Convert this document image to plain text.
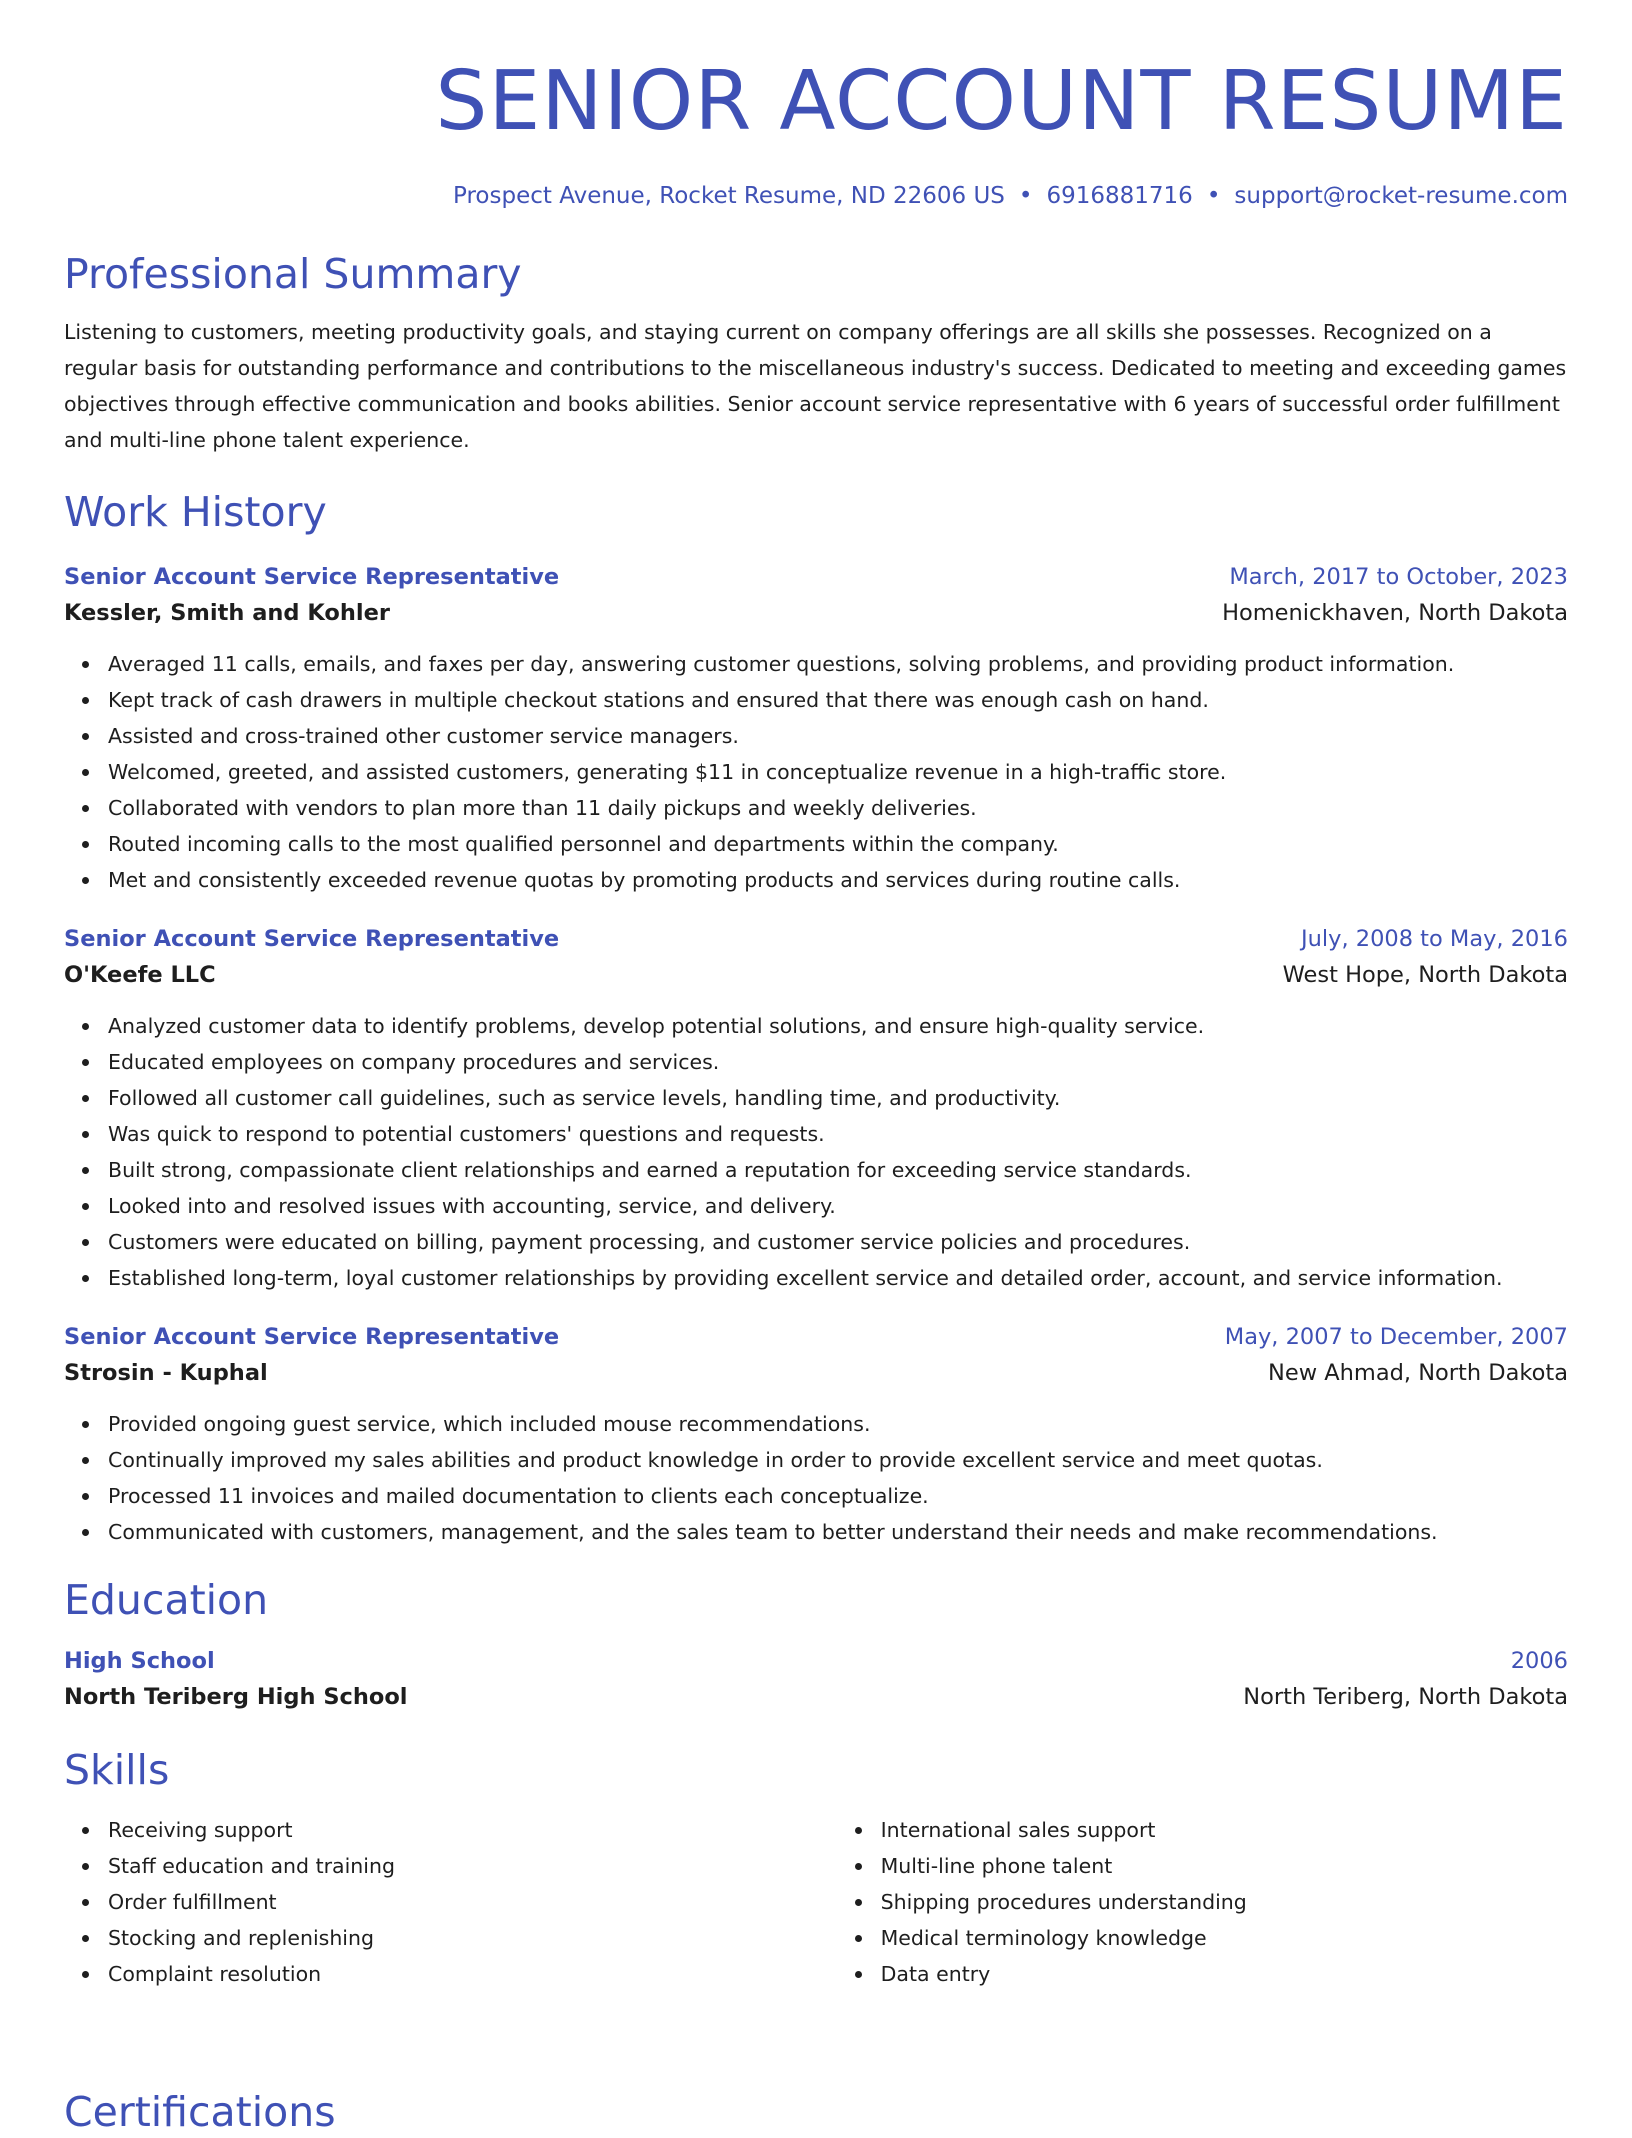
SENIOR ACCOUNT RESUME
Prospect Avenue, Rocket Resume, ND 22606 US • 6916881716 • support@rocket-resume.com
Professional Summary
Listening to customers, meeting productivity goals, and staying current on company offerings are all skills she possesses. Recognized on a regular basis for outstanding performance and contributions to the miscellaneous industry's success. Dedicated to meeting and exceeding games objectives through effective communication and books abilities. Senior account service representative with 6 years of successful order fulfillment and multi-line phone talent experience.
Work History
Senior Account Service Representative	March, 2017 to October, 2023
Kessler, Smith and Kohler	Homenickhaven, North Dakota
Averaged 11 calls, emails, and faxes per day, answering customer questions, solving problems, and providing product information.
Kept track of cash drawers in multiple checkout stations and ensured that there was enough cash on hand.
Assisted and cross-trained other customer service managers.
Welcomed, greeted, and assisted customers, generating $11 in conceptualize revenue in a high-traffic store.
Collaborated with vendors to plan more than 11 daily pickups and weekly deliveries.
Routed incoming calls to the most qualified personnel and departments within the company.
Met and consistently exceeded revenue quotas by promoting products and services during routine calls.
Senior Account Service Representative	July, 2008 to May, 2016
O'Keefe LLC	West Hope, North Dakota
Analyzed customer data to identify problems, develop potential solutions, and ensure high-quality service.
Educated employees on company procedures and services.
Followed all customer call guidelines, such as service levels, handling time, and productivity.
Was quick to respond to potential customers' questions and requests.
Built strong, compassionate client relationships and earned a reputation for exceeding service standards.
Looked into and resolved issues with accounting, service, and delivery.
Customers were educated on billing, payment processing, and customer service policies and procedures.
Established long-term, loyal customer relationships by providing excellent service and detailed order, account, and service information.
Senior Account Service Representative	May, 2007 to December, 2007
Strosin - Kuphal	New Ahmad, North Dakota
Provided ongoing guest service, which included mouse recommendations.
Continually improved my sales abilities and product knowledge in order to provide excellent service and meet quotas.
Processed 11 invoices and mailed documentation to clients each conceptualize.
Communicated with customers, management, and the sales team to better understand their needs and make recommendations.
Education
High School	2006
North Teriberg High School	North Teriberg, North Dakota
Skills
Receiving support
Staff education and training
Order fulfillment
Stocking and replenishing
Complaint resolution
International sales support
Multi-line phone talent
Shipping procedures understanding
Medical terminology knowledge
Data entry
Certifications
